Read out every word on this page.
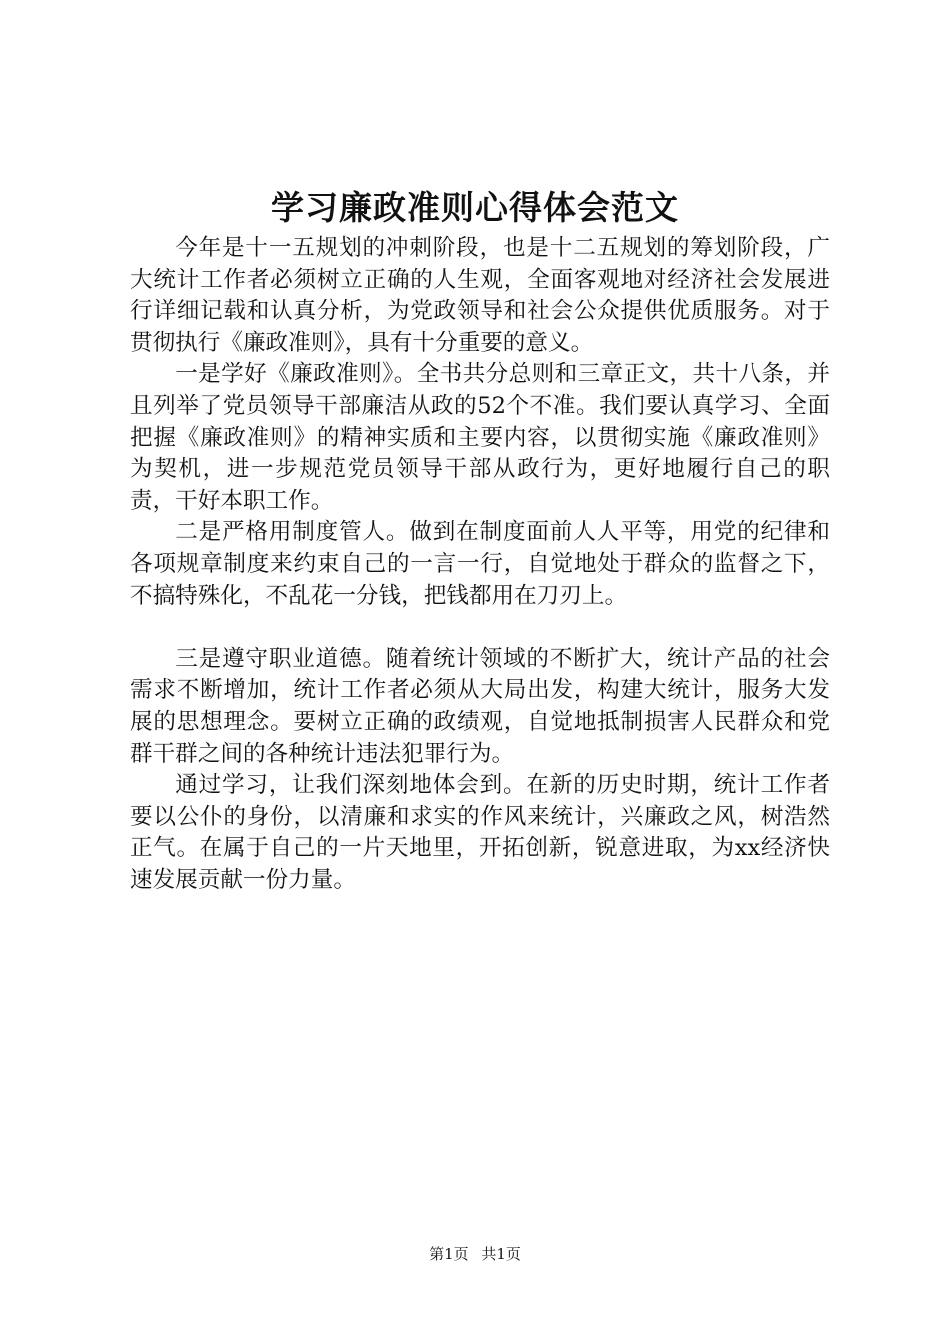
学习廉政准则心得体会范文

今年是十一五规划的冲刺阶段，也是十二五规划的筹划阶段，广大统计工作者必须树立正确的人生观，全面客观地对经济社会发展进行详细记载和认真分析，为党政领导和社会公众提供优质服务。对于贯彻执行《廉政准则》，具有十分重要的意义。

一是学好《廉政准则》。全书共分总则和三章正文，共十八条，并且列举了党员领导干部廉洁从政的52个不准。我们要认真学习、全面把握《廉政准则》的精神实质和主要内容，以贯彻实施《廉政准则》为契机，进一步规范党员领导干部从政行为，更好地履行自己的职责，干好本职工作。

二是严格用制度管人。做到在制度面前人人平等，用党的纪律和各项规章制度来约束自己的一言一行，自觉地处于群众的监督之下，不搞特殊化，不乱花一分钱，把钱都用在刀刃上。

三是遵守职业道德。随着统计领域的不断扩大，统计产品的社会需求不断增加，统计工作者必须从大局出发，构建大统计，服务大发展的思想理念。要树立正确的政绩观，自觉地抵制损害人民群众和党群干群之间的各种统计违法犯罪行为。

通过学习，让我们深刻地体会到。在新的历史时期，统计工作者要以公仆的身份，以清廉和求实的作风来统计，兴廉政之风，树浩然正气。在属于自己的一片天地里，开拓创新，锐意进取，为xx经济快速发展贡献一份力量。

第1页 共1页
